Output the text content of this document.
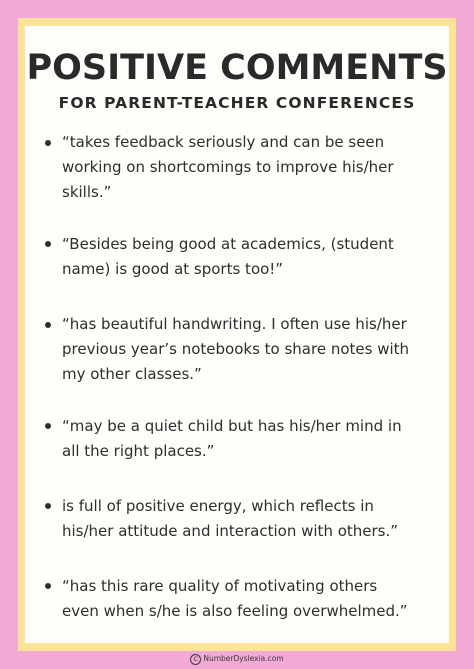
POSITIVE COMMENTS
FOR PARENT-TEACHER CONFERENCES
“takes feedback seriously and can be seen
working on shortcomings to improve his/her
skills.”
“Besides being good at academics, (student
name) is good at sports too!”
“has beautiful handwriting. I often use his/her
previous year’s notebooks to share notes with
my other classes.”
“may be a quiet child but has his/her mind in
all the right places.”
is full of positive energy, which reflects in
his/her attitude and interaction with others.”
“has this rare quality of motivating others
even when s/he is also feeling overwhelmed.”
C NumberDyslexia.com
